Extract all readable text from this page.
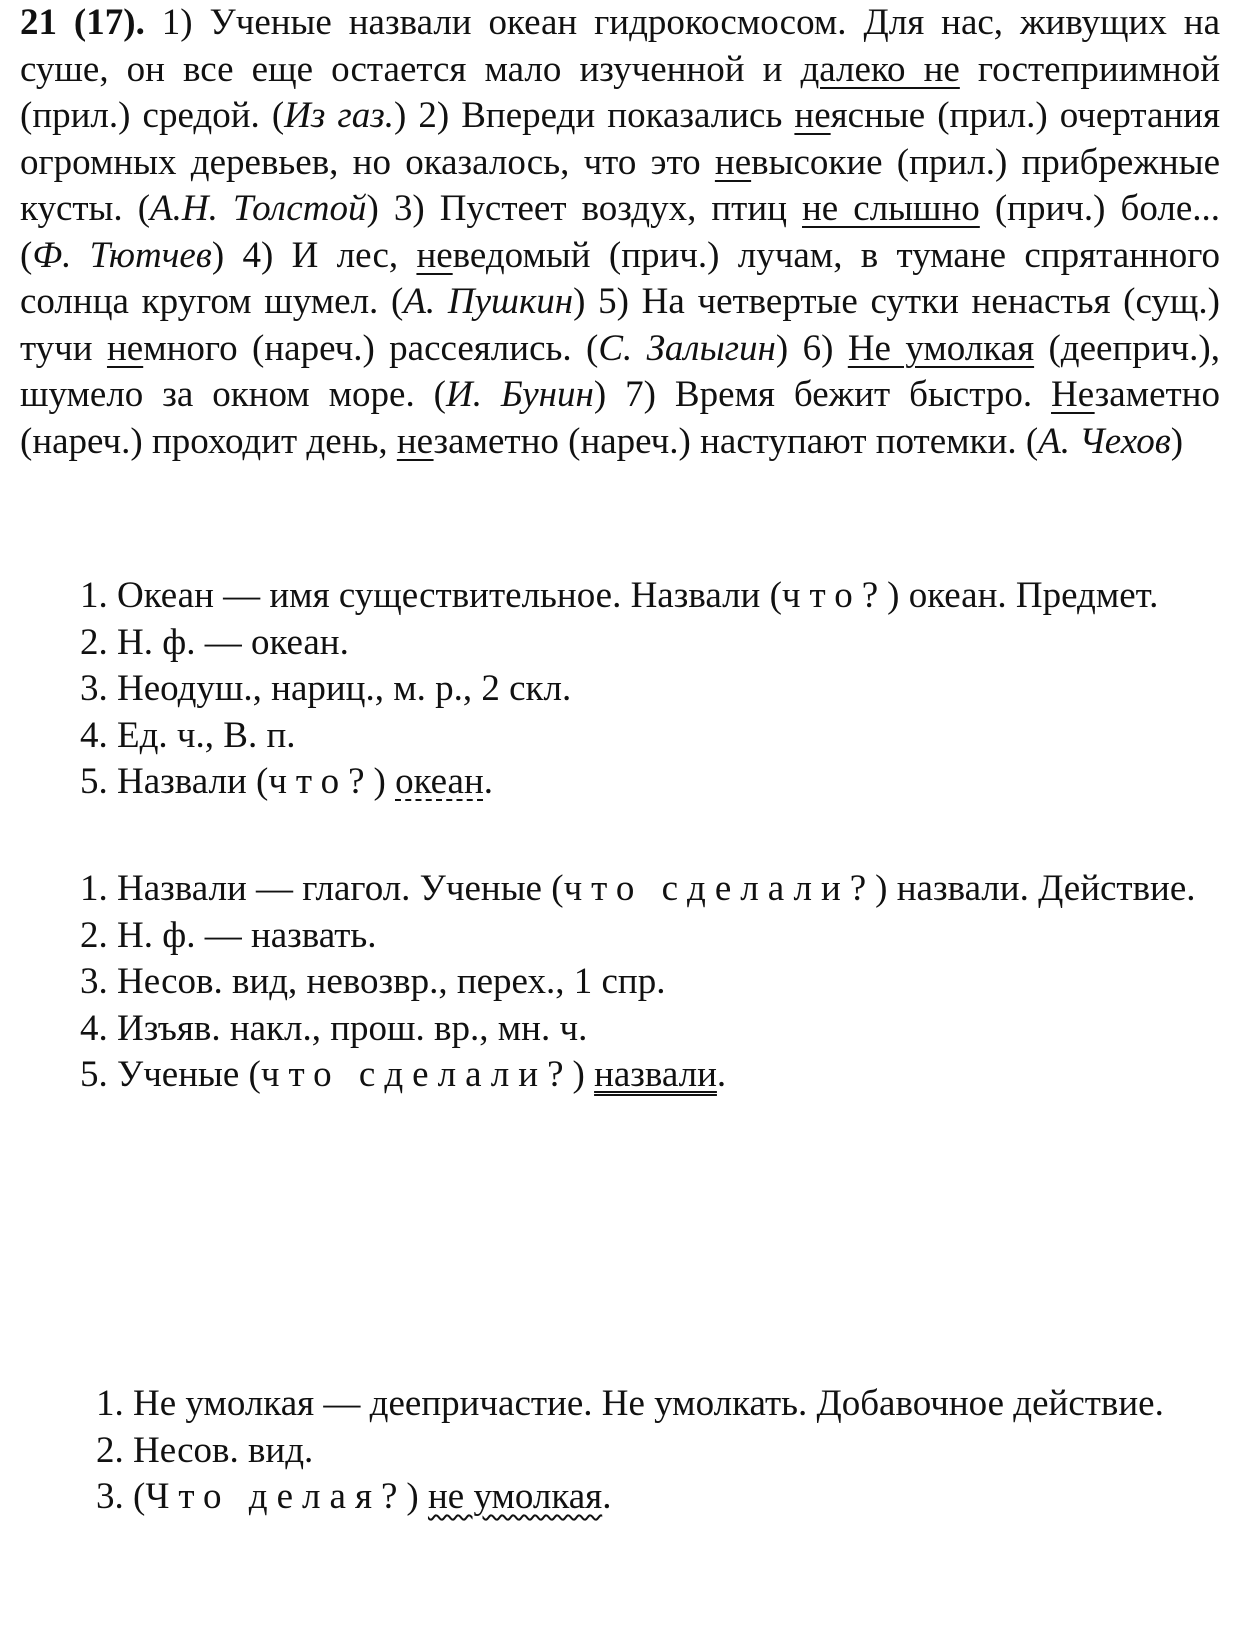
21 (17). 1) Ученые назвали океан гидрокосмосом. Для нас, живущих на суше, он все еще остается мало изученной и далеко не гостеприимной (прил.) средой. (Из газ.) 2) Впереди показались неясные (прил.) очертания огромных деревьев, но оказалось, что это невысокие (прил.) прибрежные кусты. (А.Н. Толстой) 3) Пустеет воздух, птиц не слышно (прич.) боле... (Ф. Тютчев) 4) И лес, неведомый (прич.) лучам, в тумане спрятанного солнца кругом шумел. (А. Пушкин) 5) На четвертые сутки ненастья (сущ.) тучи немного (нареч.) рассеялись. (С. Залыгин) 6) Не умолкая (дееприч.), шумело за окном море. (И. Бунин) 7) Время бежит быстро. Незаметно (нареч.) проходит день, незаметно (нареч.) наступают потемки. (А. Чехов)

1. Океан — имя существительное. Назвали (что?) океан. Предмет.
2. Н. ф. — океан.
3. Неодуш., нариц., м. р., 2 скл.
4. Ед. ч., В. п.
5. Назвали (что?) океан.
1. Назвали — глагол. Ученые (что сделали?) назвали. Действие.
2. Н. ф. — назвать.
3. Несов. вид, невозвр., перех., 1 спр.
4. Изъяв. накл., прош. вр., мн. ч.
5. Ученые (что сделали?) назвали.
1. Не умолкая — деепричастие. Не умолкать. Добавочное действие.
2. Несов. вид.
3. (Что делая?) не умолкая.
